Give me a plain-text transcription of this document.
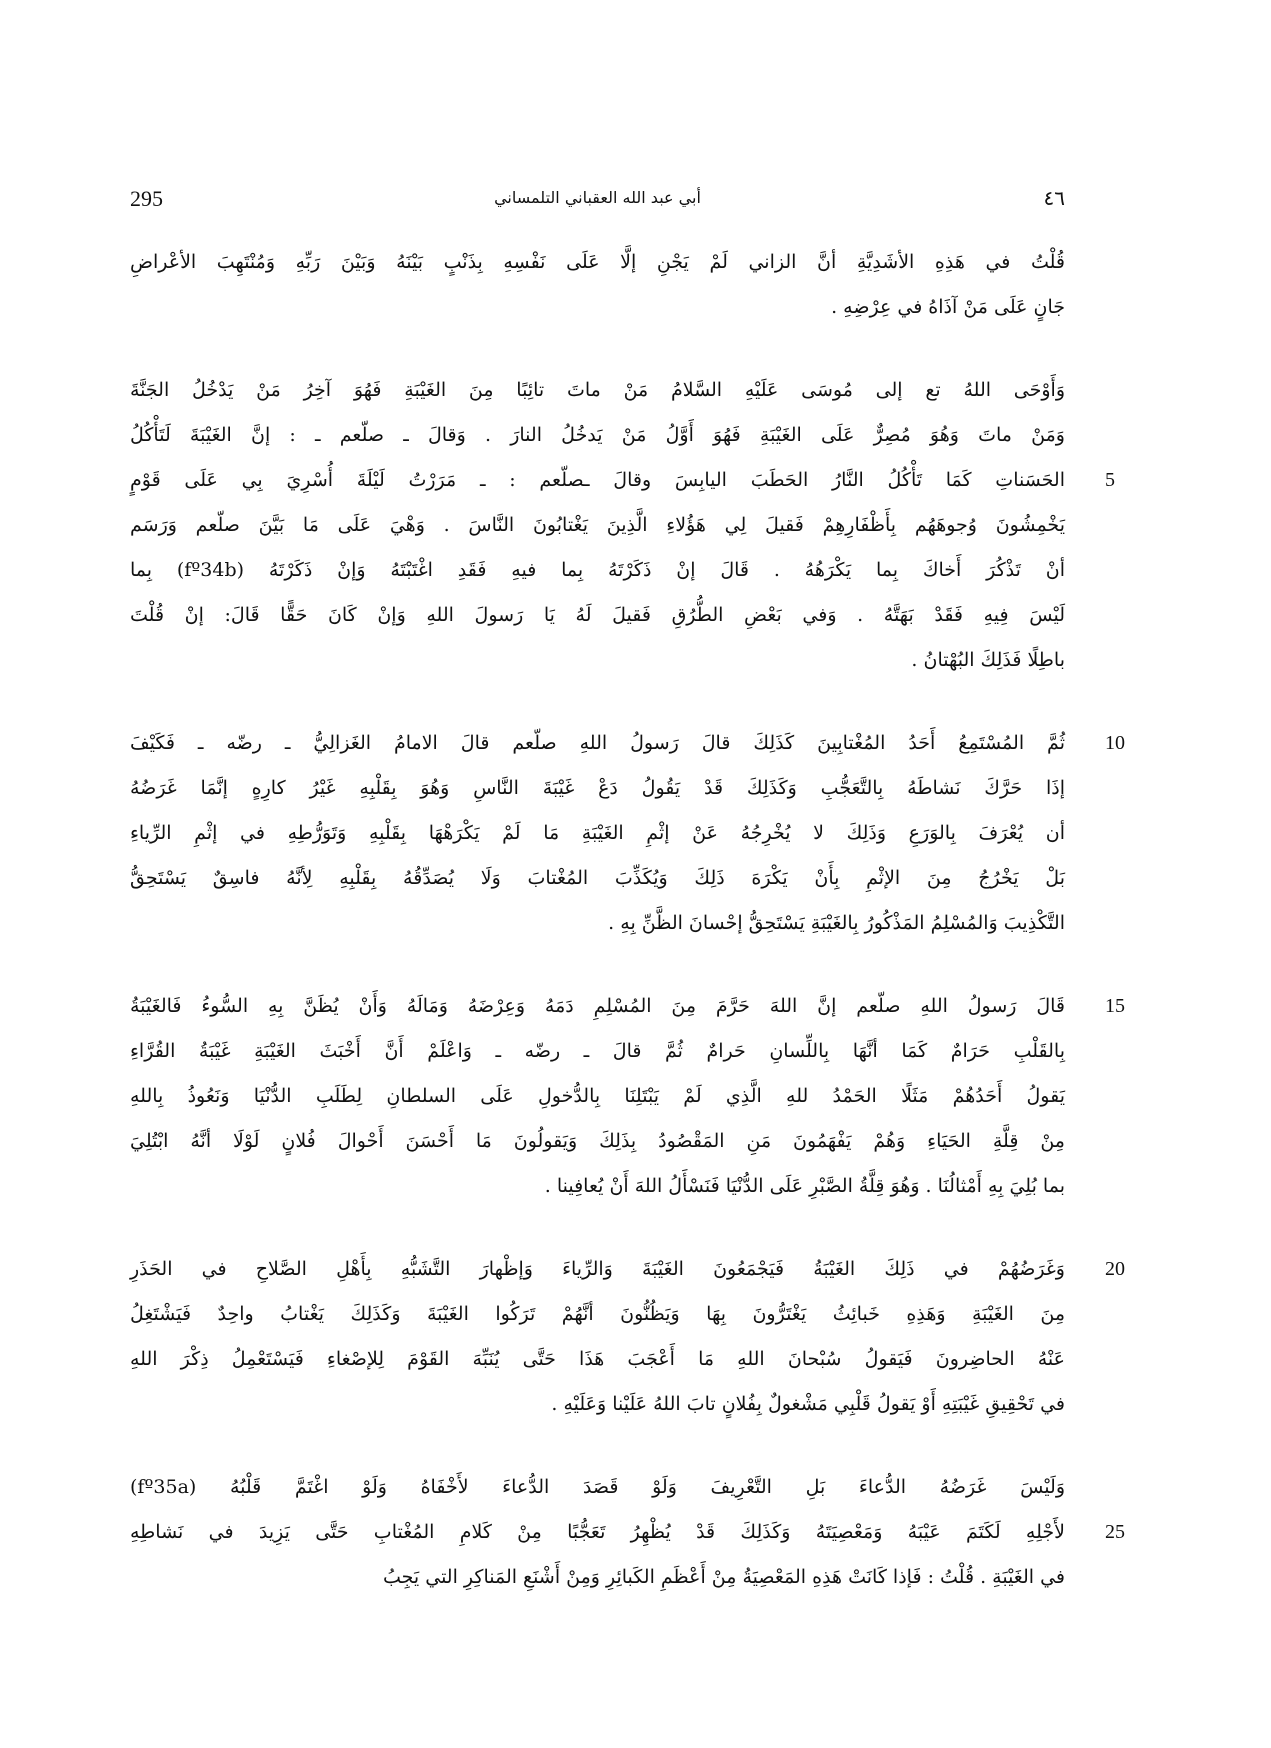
295	أبي عبد الله العقباني التلمساني	٤٦
قُلْتُ في هَذِهِ الأشَدِيَّةِ أنَّ الزاني لَمْ يَجْنِ إلَّا عَلَى نَفْسِهِ بِذَنْبٍ بَيْنَهُ وَبَيْنَ رَبِّهِ وَمُنْتَهِبَ الأعْراضِ
جَانٍ عَلَى مَنْ آذَاهُ في عِرْضِهِ .
وَأَوْحَى اللهُ تع إلى مُوسَى عَلَيْهِ السَّلامُ مَنْ ماتَ تائِبًا مِنَ الغَيْبَةِ فَهُوَ آخِرُ مَنْ يَدْخُلُ الجَنَّةَ
وَمَنْ ماتَ وَهُوَ مُصِرٌّ عَلَى الغَيْبَةِ فَهُوَ أَوَّلُ مَنْ يَدخُلُ النارَ . وَقالَ ـ صلّعم ـ : إنَّ الغَيْبَةَ لَتَأْكُلُ
الحَسَناتِ كَمَا تَأْكُلُ النَّارُ الحَطَبَ اليابِسَ وقالَ ـصلّعم : ـ مَرَرْتُ لَيْلَةَ أُسْرِيَ بِي عَلَى قَوْمٍ 5
يَخْمِشُونَ وُجوهَهُم بِأَظْفَارِهِمْ فَقيلَ لِي هَؤُلاءِ الَّذِينَ يَغْتابُونَ النَّاسَ . وَهْيَ عَلَى مَا بَيَّنَ صلّعم وَرَسَم
أنْ تَذْكُرَ أَخاكَ بِما يَكْرَهُهُ . قَالَ إنْ ذَكَرْتَهُ بِما فيهِ فَقَدِ اغْتَبْتَهُ وَإنْ ذَكَرْتَهُ (fº34b) بِما
لَيْسَ فِيهِ فَقَدْ بَهَتَّهُ . وَفي بَعْضِ الطُّرُقِ فَقيلَ لَهُ يَا رَسولَ اللهِ وَإنْ كَانَ حَقًّا قَالَ: إنْ قُلْتَ
باطِلًا فَذَلِكَ البُهْتانُ .
ثُمَّ المُسْتَمِعُ أَحَدُ المُغْتابِينَ كَذَلِكَ قالَ رَسولُ اللهِ صلّعم قالَ الامامُ الغَزالِيُّ ـ رضّه ـ فَكَيْفَ 10
إذَا حَرَّكَ نَشاطَهُ بِالتَّعَجُّبِ وَكَذَلِكَ قَدْ يَقُولُ دَعْ غَيْبَةَ النَّاسِ وَهُوَ بِقَلْبِهِ غَيْرُ كارِهٍ إنَّمَا غَرَضُهُ
أن يُعْرَفَ بِالوَرَعِ وَذَلِكَ لا يُخْرِجُهُ عَنْ إثْمِ الغَيْبَةِ مَا لَمْ يَكْرَهْهَا بِقَلْبِهِ وَتَوَرُّطِهِ في إثْمِ الرِّياءِ
بَلْ يَخْرُجُ مِنَ الإثْمِ بِأَنْ يَكْرَهَ ذَلِكَ وَيُكَذِّبَ المُغْتابَ وَلَا يُصَدِّقُهُ بِقَلْبِهِ لِأنَّهُ فاسِقٌ يَسْتَحِقُّ
التَّكْذِيبَ وَالمُسْلِمُ المَذْكُورُ بِالغَيْبَةِ يَسْتَحِقُّ إحْسانَ الظَّنِّ بِهِ .
قَالَ رَسولُ اللهِ صلّعم إنَّ اللهَ حَرَّمَ مِنَ المُسْلِمِ دَمَهُ وَعِرْضَهُ وَمَالَهُ وَأَنْ يُظَنَّ بِهِ السُّوءُ فَالغَيْبَةُ 15
بِالقَلْبِ حَرَامٌ كَمَا أنَّهَا بِاللِّسانِ حَرامٌ ثُمَّ قالَ ـ رضّه ـ وَاعْلَمْ أَنَّ أَخْبَثَ الغَيْبَةِ غَيْبَةُ القُرَّاءِ
يَقولُ أَحَدُهُمْ مَثَلًا الحَمْدُ للهِ الَّذِي لَمْ يَبْتَلِنَا بِالدُّخولِ عَلَى السلطانِ لِطَلَبِ الدُّنْيَا وَنَعُوذُ بِاللهِ
مِنْ قِلَّةِ الحَيَاءِ وَهُمْ يَفْهَمُونَ مَنِ المَقْصُودُ بِذَلِكَ وَيَقولُونَ مَا أَحْسَنَ أَحْوالَ فُلانٍ لَوْلَا أنَّهُ ابْتُلِيَ
بما بُلِيَ بِهِ أَمْثالُنَا . وَهُوَ قِلَّةُ الصَّبْرِ عَلَى الدُّنْيَا فَنَسْأَلُ اللهَ أَنْ يُعافِينا .
وَغَرَضُهُمْ في ذَلِكَ الغَيْبَةُ فَيَجْمَعُونَ الغَيْبَةَ وَالرِّياءَ وَإظْهارَ التَّشَبُّهِ بِأَهْلِ الصَّلاحِ في الحَذَرِ 20
مِنَ الغَيْبَةِ وَهَذِهِ خَبائِثُ يَغْتَرُّونَ بِهَا وَيَظُنُّونَ أنَّهُمْ تَرَكُوا الغَيْبَةَ وَكَذَلِكَ يَغْتابُ واحِدٌ فَيَشْتَغِلُ
عَنْهُ الحاضِرونَ فَيَقولُ سُبْحانَ اللهِ مَا أَعْجَبَ هَذَا حَتَّى يُنَبِّهَ القَوْمَ لِلإصْغاءِ فَيَسْتَعْمِلُ ذِكْرَ اللهِ
في تَحْقِيقِ غَيْبَتِهِ أَوْ يَقولُ قَلْبِي مَشْغولٌ بِفُلانٍ تابَ اللهُ عَلَيْنا وَعَلَيْهِ .
وَلَيْسَ غَرَضُهُ الدُّعاءَ بَلِ التَّعْرِيفَ وَلَوْ قَصَدَ الدُّعاءَ لأَخْفَاهُ وَلَوْ اغْتَمَّ قَلْبُهُ (fº35a)
لأَجْلِهِ لَكَتَمَ عَيْبَهُ وَمَعْصِيَتَهُ وَكَذَلِكَ قَدْ يُظْهِرُ تَعَجُّبًا مِنْ كَلامِ المُغْتابِ حَتَّى يَزِيدَ في نَشاطِهِ 25
في الغَيْبَةِ . قُلْتُ : فَإذا كَانَتْ هَذِهِ المَعْصِيَةُ مِنْ أَعْظَمِ الكَبائِرِ وَمِنْ أَشْنَعِ المَناكِرِ التي يَجِبُ
